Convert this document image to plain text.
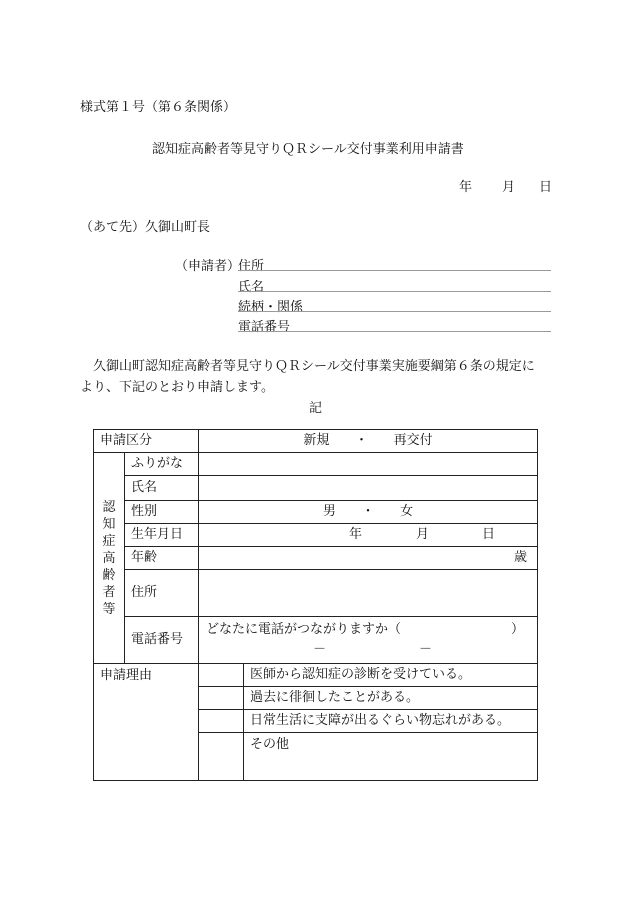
様式第１号（第６条関係）
認知症高齢者等見守りＱＲシール交付事業利用申請書
年 月 日
（あて先）久御山町長
（申請者）
住所
氏名
続柄・関係
電話番号
久御山町認知症高齢者等見守りＱＲシール交付事業実施要綱第６条の規定に
より、下記のとおり申請します。
記
申請区分		新規 ・ 再交付	
認知症高齢者等	ふりがな		
	氏名		
	性別	男 ・ 女	
	生年月日	年 月 日	

	年齢	歳	
	住所		
	電話番号	どなたに電話がつながりますか（ ）
－ －	

申請理由			医師から認知症の診断を受けている。
			過去に徘徊したことがある。
			日常生活に支障が出るぐらい物忘れがある。
			その他
